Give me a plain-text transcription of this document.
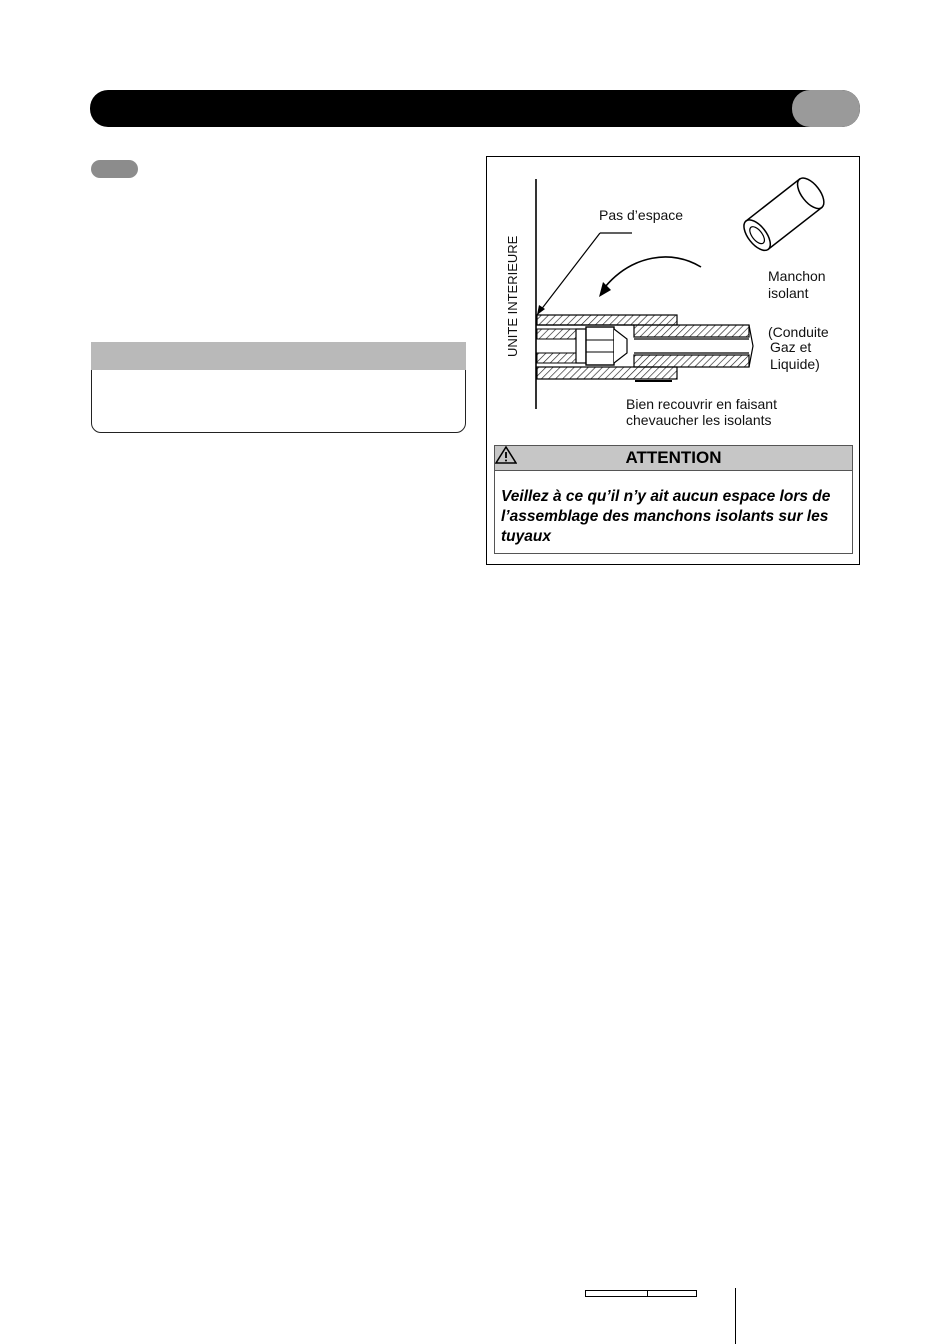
UNITE INTERIEURE
Pas d’espace
Manchon
isolant
(Conduite
Gaz et
Liquide)
Bien recouvrir en faisant
chevaucher les isolants
ATTENTION
Veillez à ce qu’il n’y ait aucun espace lors de l’assemblage des manchons isolants sur les tuyaux
